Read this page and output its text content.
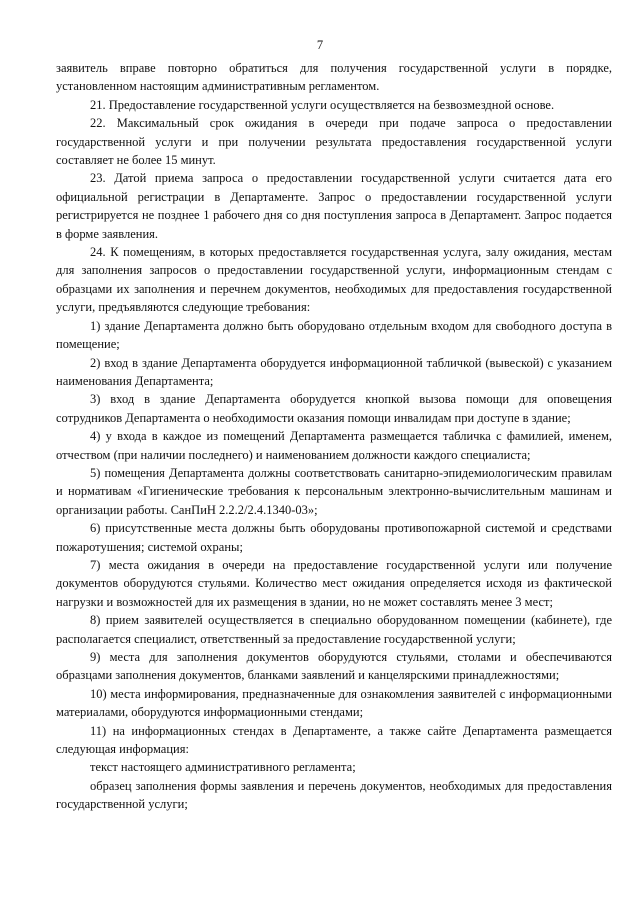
7

заявитель вправе повторно обратиться для получения государственной услуги в порядке, установленном настоящим административным регламентом.

21. Предоставление государственной услуги осуществляется на безвозмездной основе.

22. Максимальный срок ожидания в очереди при подаче запроса о предоставлении государственной услуги и при получении результата предоставления государственной услуги составляет не более 15 минут.

23. Датой приема запроса о предоставлении государственной услуги считается дата его официальной регистрации в Департаменте. Запрос о предоставлении государственной услуги регистрируется не позднее 1 рабочего дня со дня поступления запроса в Департамент. Запрос подается в форме заявления.

24. К помещениям, в которых предоставляется государственная услуга, залу ожидания, местам для заполнения запросов о предоставлении государственной услуги, информационным стендам с образцами их заполнения и перечнем документов, необходимых для предоставления государственной услуги, предъявляются следующие требования:

1) здание Департамента должно быть оборудовано отдельным входом для свободного доступа в помещение;

2) вход в здание Департамента оборудуется информационной табличкой (вывеской) с указанием наименования Департамента;

3) вход в здание Департамента оборудуется кнопкой вызова помощи для оповещения сотрудников Департамента о необходимости оказания помощи инвалидам при доступе в здание;

4) у входа в каждое из помещений Департамента размещается табличка с фамилией, именем, отчеством (при наличии последнего) и наименованием должности каждого специалиста;

5) помещения Департамента должны соответствовать санитарно-эпидемиологическим правилам и нормативам «Гигиенические требования к персональным электронно-вычислительным машинам и организации работы. СанПиН 2.2.2/2.4.1340-03»;

6) присутственные места должны быть оборудованы противопожарной системой и средствами пожаротушения; системой охраны;

7) места ожидания в очереди на предоставление государственной услуги или получение документов оборудуются стульями. Количество мест ожидания определяется исходя из фактической нагрузки и возможностей для их размещения в здании, но не может составлять менее 3 мест;

8) прием заявителей осуществляется в специально оборудованном помещении (кабинете), где располагается специалист, ответственный за предоставление государственной услуги;

9) места для заполнения документов оборудуются стульями, столами и обеспечиваются образцами заполнения документов, бланками заявлений и канцелярскими принадлежностями;

10) места информирования, предназначенные для ознакомления заявителей с информационными материалами, оборудуются информационными стендами;

11) на информационных стендах в Департаменте, а также сайте Департамента размещается следующая информация:

текст настоящего административного регламента;

образец заполнения формы заявления и перечень документов, необходимых для предоставления государственной услуги;
